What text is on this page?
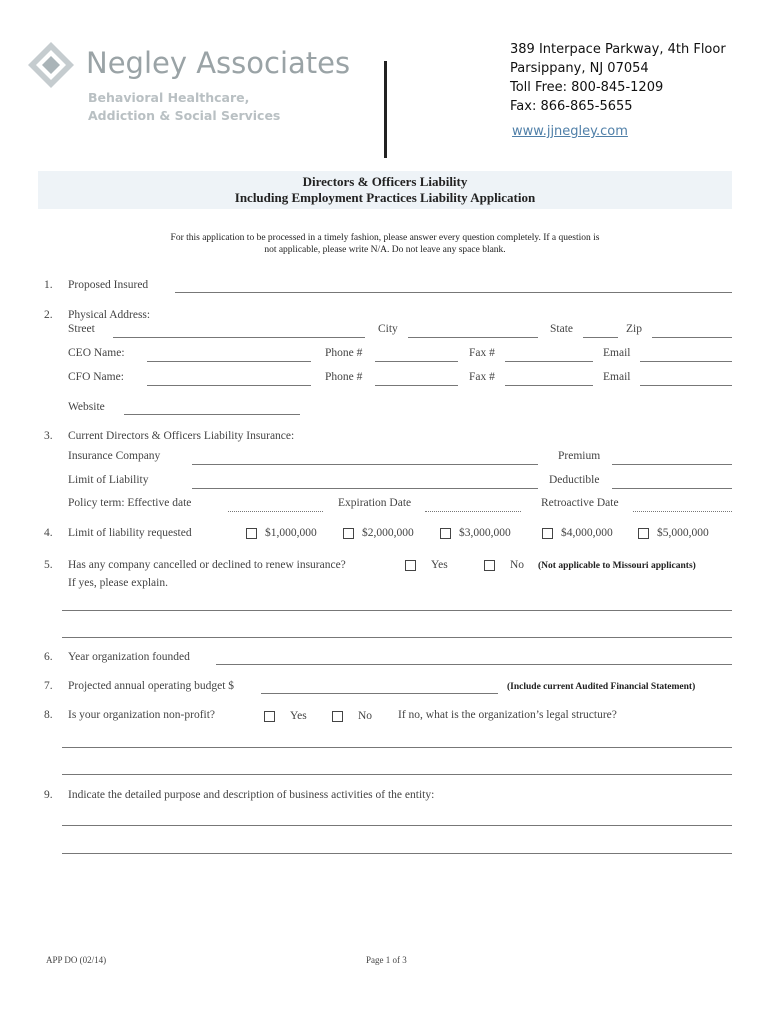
Negley Associates
Behavioral Healthcare,
Addiction & Social Services
389 Interpace Parkway, 4th Floor
Parsippany, NJ 07054
Toll Free: 800-845-1209
Fax: 866-865-5655
www.jjnegley.com
Directors & Officers Liability
Including Employment Practices Liability Application
For this application to be processed in a timely fashion, please answer every question completely. If a question is
not applicable, please write N/A. Do not leave any space blank.
1. Proposed Insured
2. Physical Address:
Street	City	State	Zip
CEO Name:	Phone #	Fax #	Email
CFO Name:	Phone #	Fax #	Email
Website
3. Current Directors & Officers Liability Insurance:
Insurance Company	Premium
Limit of Liability	Deductible
Policy term: Effective date	Expiration Date	Retroactive Date
4. Limit of liability requested	$1,000,000	$2,000,000	$3,000,000	$4,000,000	$5,000,000
5. Has any company cancelled or declined to renew insurance?	Yes	No (Not applicable to Missouri applicants)
If yes, please explain.
6. Year organization founded
7. Projected annual operating budget $	(Include current Audited Financial Statement)
8. Is your organization non-profit?	Yes	No If no, what is the organization’s legal structure?
9. Indicate the detailed purpose and description of business activities of the entity:
APP DO (02/14)	Page 1 of 3
